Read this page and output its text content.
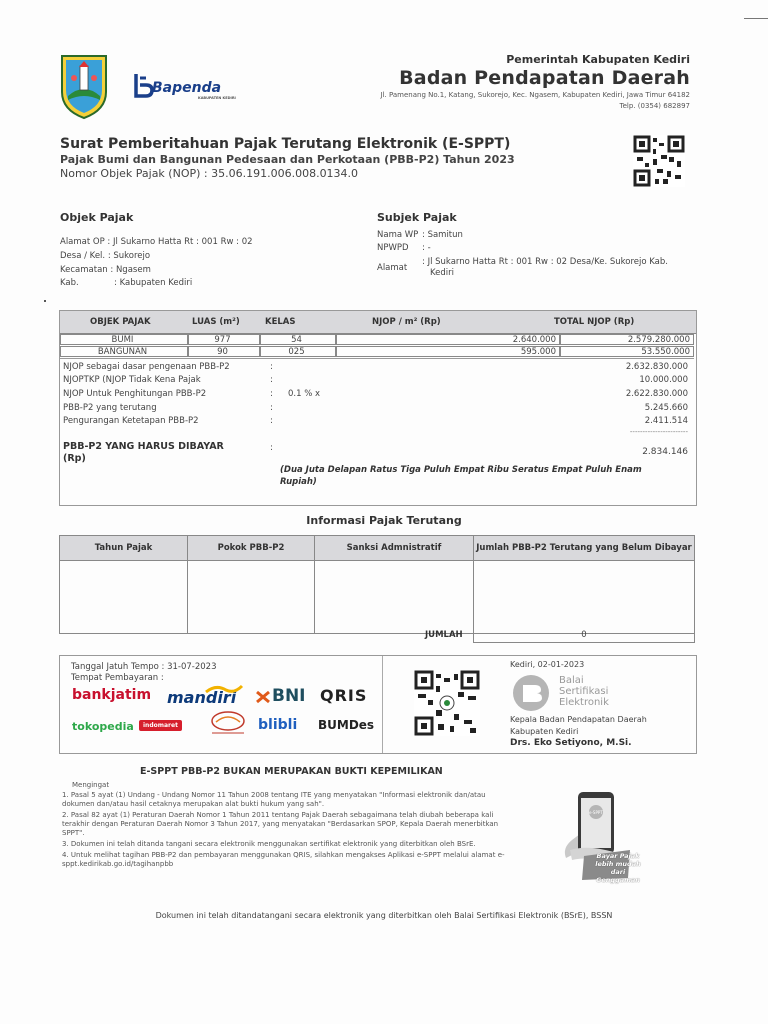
Bapenda
KABUPATEN KEDIRI
Pemerintah Kabupaten Kediri
Badan Pendapatan Daerah
Jl. Pamenang No.1, Katang, Sukorejo, Kec. Ngasem, Kabupaten Kediri, Jawa Timur 64182
Telp. (0354) 682897
Surat Pemberitahuan Pajak Terutang Elektronik (E-SPPT)
Pajak Bumi dan Bangunan Pedesaan dan Perkotaan (PBB-P2) Tahun 2023
Nomor Objek Pajak (NOP) : 35.06.191.006.008.0134.0
Objek Pajak
Alamat OP : Jl Sukarno Hatta Rt : 001 Rw : 02
Desa / Kel. : Sukorejo
Kecamatan : Ngasem
Kab.	: Kabupaten Kediri
Subjek Pajak
Nama WP : Samitun
NPWPD : -
Alamat
: Jl Sukarno Hatta Rt : 001 Rw : 02 Desa/Ke. Sukorejo Kab.
Kediri
OBJEK PAJAK	LUAS (m²)	KELAS	NJOP / m² (Rp)	TOTAL NJOP (Rp)
BUMI	977	54	2.640.000	2.579.280.000
BANGUNAN	90	025	595.000	53.550.000
NJOP sebagai dasar pengenaan PBB-P2	:	2.632.830.000
NJOPTKP (NJOP Tidak Kena Pajak	:	10.000.000
NJOP Untuk Penghitungan PBB-P2	: 0.1 % x	2.622.830.000
PBB-P2 yang terutang	:	5.245.660
Pengurangan Ketetapan PBB-P2	:	2.411.514
-----------------------
PBB-P2 YANG HARUS DIBAYAR (Rp)
:	2.834.146
(Dua Juta Delapan Ratus Tiga Puluh Empat Ribu Seratus Empat Puluh Enam Rupiah)
Informasi Pajak Terutang
Tahun Pajak	Pokok PBB-P2	Sanksi Admnistratif	Jumlah PBB-P2 Terutang yang Belum Dibayar

JUMLAH	0
Tanggal Jatuh Tempo : 31-07-2023
Tempat Pembayaran :
bankjatim mandiri BNI QRIS
tokopedia	indomaret	blibli BUMDes
Kediri, 02-01-2023
Balai
Sertifikasi
Elektronik
Kepala Badan Pendapatan Daerah
Kabupaten Kediri
Drs. Eko Setiyono, M.Si.
E-SPPT PBB-P2 BUKAN MERUPAKAN BUKTI KEPEMILIKAN
Mengingat
1. Pasal 5 ayat (1) Undang - Undang Nomor 11 Tahun 2008 tentang ITE yang menyatakan "Informasi elektronik dan/atau dokumen dan/atau hasil cetaknya merupakan alat bukti hukum yang sah".
2. Pasal 82 ayat (1) Peraturan Daerah Nomor 1 Tahun 2011 tentang Pajak Daerah sebagaimana telah diubah beberapa kali terakhir dengan Peraturan Daerah Nomor 3 Tahun 2017, yang menyatakan "Berdasarkan SPOP, Kepala Daerah menerbitkan SPPT".
3. Dokumen ini telah ditanda tangani secara elektronik menggunakan sertifikat elektronik yang diterbitkan oleh BSrE.
4. Untuk melihat tagihan PBB-P2 dan pembayaran menggunakan QRIS, silahkan mengakses Aplikasi e-SPPT melalui alamat e-sppt.kedirikab.go.id/tagihanpbb
e-SPPT
Bayar Pajak lebih mudah dari Genggaman
Dokumen ini telah ditandatangani secara elektronik yang diterbitkan oleh Balai Sertifikasi Elektronik (BSrE), BSSN
